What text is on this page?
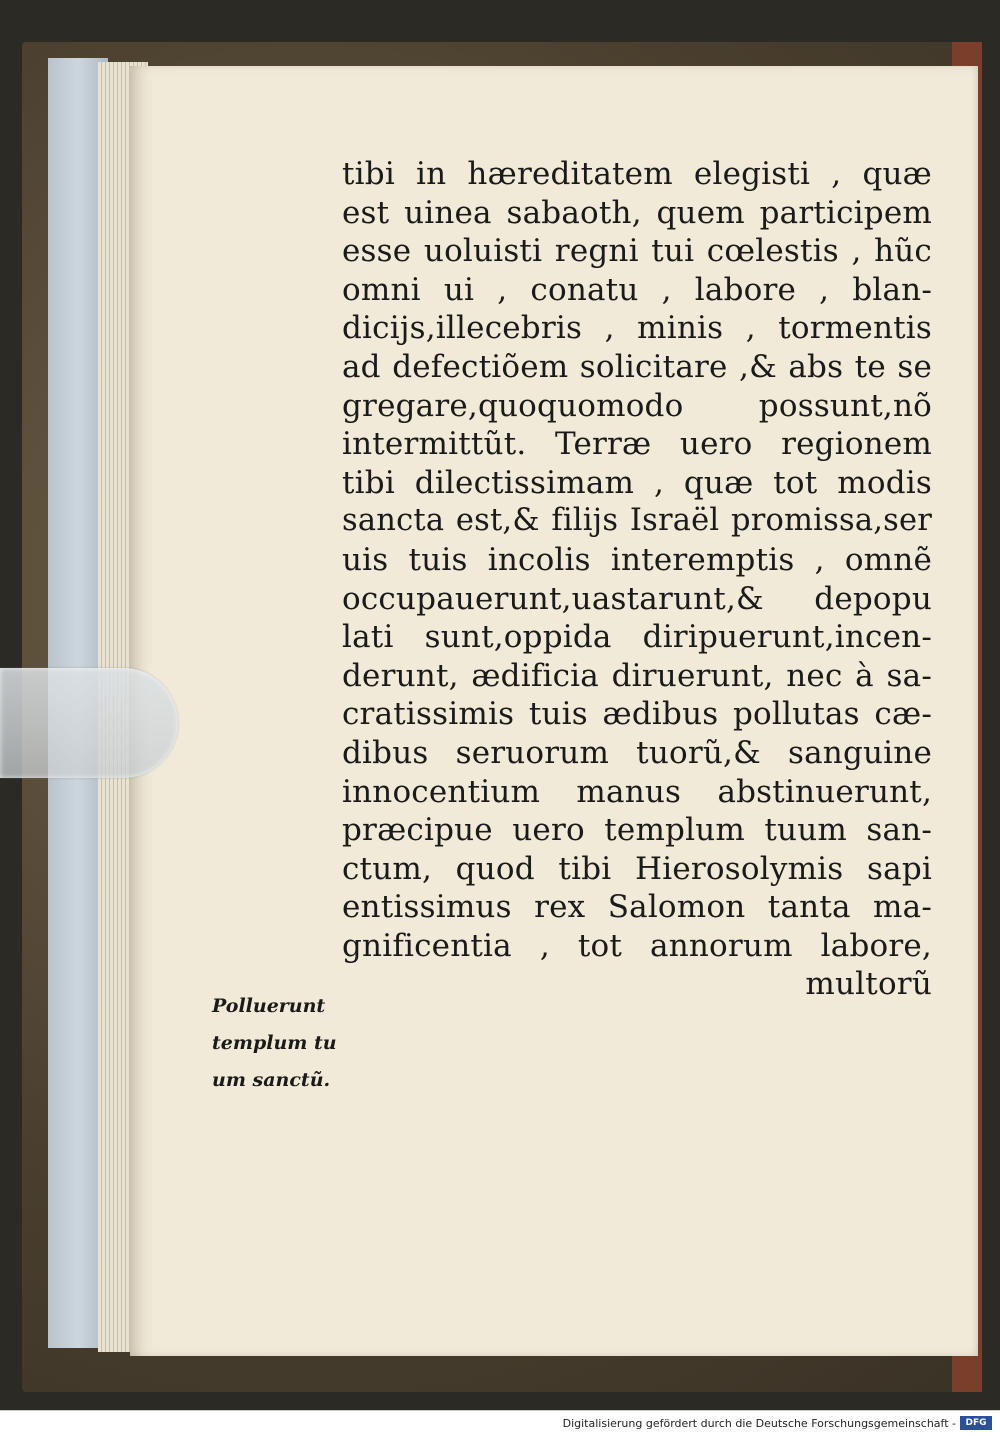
tibi in hæreditatem elegisti , quæ
est uinea sabaoth, quem participem
esse uoluisti regni tui cœlestis , hũc
omni ui , conatu , labore , blan-
dicijs,illecebris , minis , tormentis
ad defectiõem solicitare ,& abs te se
gregare,quoquomodo possunt,nõ
intermittũt. Terræ uero regionem
tibi dilectissimam , quæ tot modis
sancta est,& filijs Israël promissa,ser
uis tuis incolis interemptis , omnẽ
occupauerunt,uastarunt,& depopu
lati sunt,oppida diripuerunt,incen-
derunt, ædificia diruerunt, nec à sa-
cratissimis tuis ædibus pollutas cæ-
dibus seruorum tuorũ,& sanguine
innocentium manus abstinuerunt,
præcipue uero templum tuum san-
ctum, quod tibi Hierosolymis sapi
entissimus rex Salomon tanta ma-
gnificentia , tot annorum labore,
multorũ
Polluerunt
templum tu
um sanctũ.
Digitalisierung gefördert durch die Deutsche Forschungsgemeinschaft -	DFG
